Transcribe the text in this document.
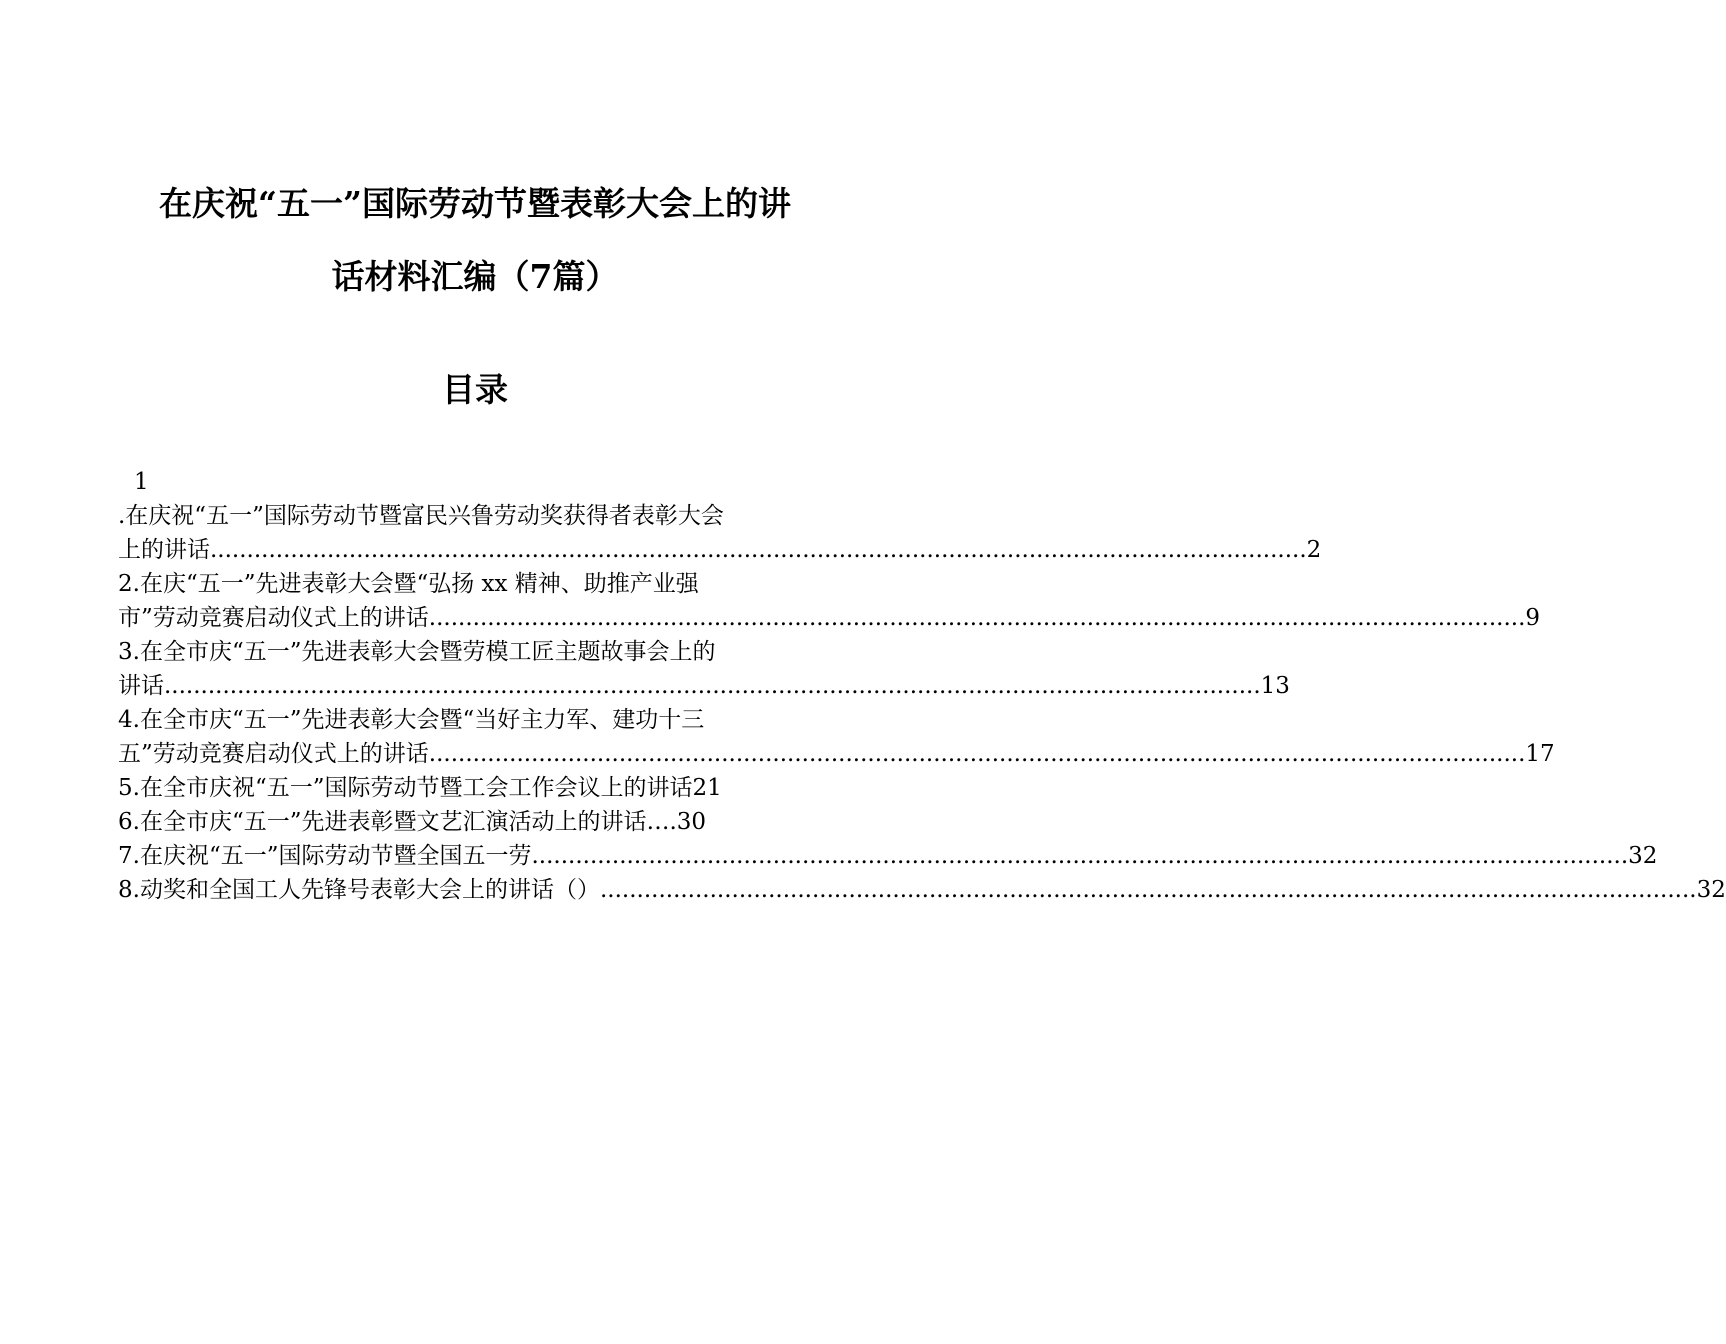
在庆祝“五一”国际劳动节暨表彰大会上的讲
话材料汇编（7篇）
目录
1
.在庆祝“五一”国际劳动节暨富民兴鲁劳动奖获得者表彰大会
上的讲话 ...................................................................................................................................................... 2
2.在庆“五一”先进表彰大会暨“弘扬 xx 精神、助推产业强
市”劳动竞赛启动仪式上的讲话 ...................................................................................................................................................... 9
3.在全市庆“五一”先进表彰大会暨劳模工匠主题故事会上的
讲话 ...................................................................................................................................................... 13
4.在全市庆“五一”先进表彰大会暨“当好主力军、建功十三
五”劳动竞赛启动仪式上的讲话 ...................................................................................................................................................... 17
5.在全市庆祝“五一”国际劳动节暨工会工作会议上的讲话 21
6.在全市庆“五一”先进表彰暨文艺汇演活动上的讲话 …. 30
7.在庆祝“五一”国际劳动节暨全国五一劳 ...................................................................................................................................................... 32
8.动奖和全国工人先锋号表彰大会上的讲话（） ...................................................................................................................................................... 32
